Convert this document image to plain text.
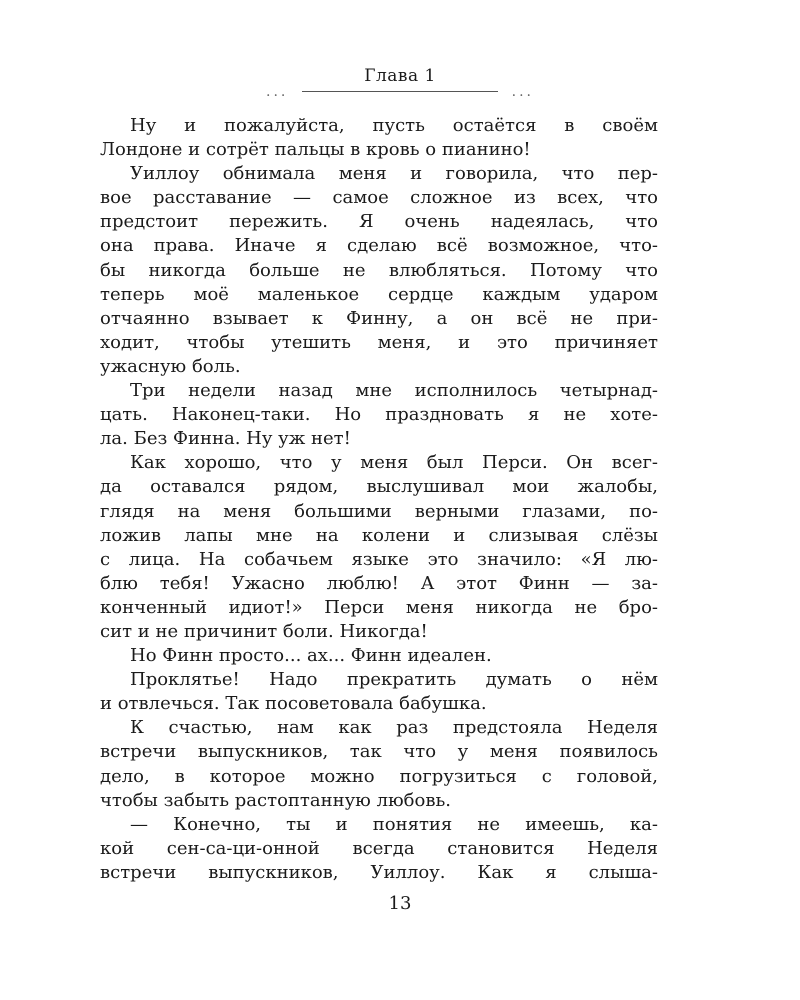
Глава 1
...	...
Ну и пожалуйста, пусть остаётся в своём
Лондоне и сотрёт пальцы в кровь о пианино!
Уиллоу обнимала меня и говорила, что пер-
вое расставание — самое сложное из всех, что
предстоит пережить. Я очень надеялась, что
она права. Иначе я сделаю всё возможное, что-
бы никогда больше не влюбляться. Потому что
теперь моё маленькое сердце каждым ударом
отчаянно взывает к Финну, а он всё не при-
ходит, чтобы утешить меня, и это причиняет
ужасную боль.
Три недели назад мне исполнилось четырнад-
цать. Наконец-таки. Но праздновать я не хоте-
ла. Без Финна. Ну уж нет!
Как хорошо, что у меня был Перси. Он всег-
да оставался рядом, выслушивал мои жалобы,
глядя на меня большими верными глазами, по-
ложив лапы мне на колени и слизывая слёзы
с лица. На собачьем языке это значило: «Я лю-
блю тебя! Ужасно люблю! А этот Финн — за-
конченный идиот!» Перси меня никогда не бро-
сит и не причинит боли. Никогда!
Но Финн просто... ах... Финн идеален.
Проклятье! Надо прекратить думать о нём
и отвлечься. Так посоветовала бабушка.
К счастью, нам как раз предстояла Неделя
встречи выпускников, так что у меня появилось
дело, в которое можно погрузиться с головой,
чтобы забыть растоптанную любовь.
— Конечно, ты и понятия не имеешь, ка-
кой сен-са-ци-онной всегда становится Неделя
встречи выпускников, Уиллоу. Как я слыша-
13
